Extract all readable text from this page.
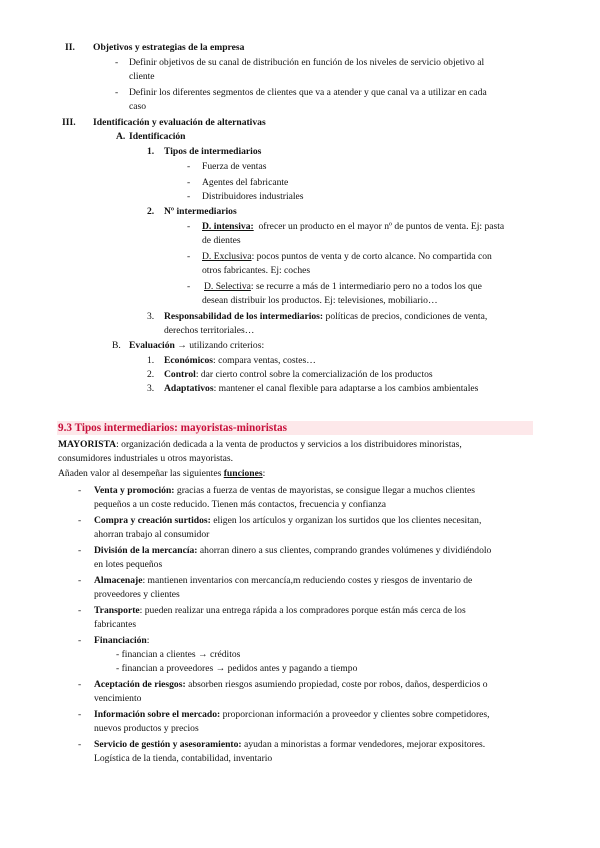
II. Objetivos y estrategias de la empresa
- Definir objetivos de su canal de distribución en función de los niveles de servicio objetivo al
cliente
- Definir los diferentes segmentos de clientes que va a atender y que canal va a utilizar en cada
caso
III. Identificación y evaluación de alternativas
A. Identificación
1. Tipos de intermediarios
- Fuerza de ventas
- Agentes del fabricante
- Distribuidores industriales
2. Nº intermediarios
- D. intensiva: ofrecer un producto en el mayor nº de puntos de venta. Ej: pasta
de dientes
- D. Exclusiva: pocos puntos de venta y de corto alcance. No compartida con
otros fabricantes. Ej: coches
- D. Selectiva: se recurre a más de 1 intermediario pero no a todos los que
desean distribuir los productos. Ej: televisiones, mobiliario…
3. Responsabilidad de los intermediarios: políticas de precios, condiciones de venta,
derechos territoriales…
B. Evaluación → utilizando criterios:
1. Económicos: compara ventas, costes…
2. Control: dar cierto control sobre la comercialización de los productos
3. Adaptativos: mantener el canal flexible para adaptarse a los cambios ambientales
9.3 Tipos intermediarios: mayoristas-minoristas
MAYORISTA: organización dedicada a la venta de productos y servicios a los distribuidores minoristas,
consumidores industriales u otros mayoristas.
Añaden valor al desempeñar las siguientes funciones:
- Venta y promoción: gracias a fuerza de ventas de mayoristas, se consigue llegar a muchos clientes
pequeños a un coste reducido. Tienen más contactos, frecuencia y confianza
- Compra y creación surtidos: eligen los artículos y organizan los surtidos que los clientes necesitan,
ahorran trabajo al consumidor
- División de la mercancía: ahorran dinero a sus clientes, comprando grandes volúmenes y dividiéndolo
en lotes pequeños
- Almacenaje: mantienen inventarios con mercancía,m reduciendo costes y riesgos de inventario de
proveedores y clientes
- Transporte: pueden realizar una entrega rápida a los compradores porque están más cerca de los
fabricantes
- Financiación:
- financian a clientes → créditos
- financian a proveedores → pedidos antes y pagando a tiempo
- Aceptación de riesgos: absorben riesgos asumiendo propiedad, coste por robos, daños, desperdicios o
vencimiento
- Información sobre el mercado: proporcionan información a proveedor y clientes sobre competidores,
nuevos productos y precios
- Servicio de gestión y asesoramiento: ayudan a minoristas a formar vendedores, mejorar expositores.
Logística de la tienda, contabilidad, inventario
